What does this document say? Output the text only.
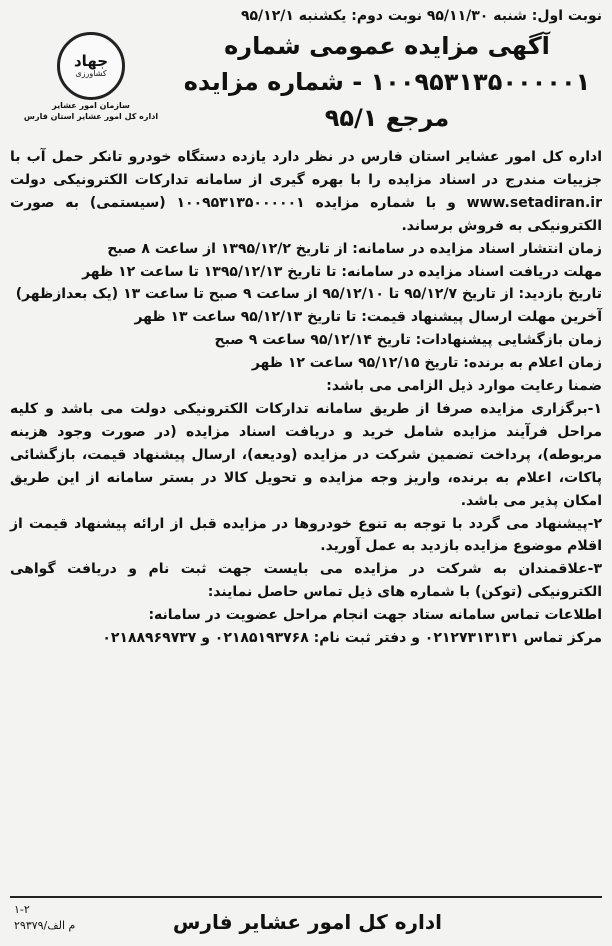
نوبت اول: شنبه ۹۵/۱۱/۳۰ نوبت دوم: یکشنبه ۹۵/۱۲/۱
آگهی مزایده عمومی شماره
۱۰۰۹۵۳۱۳۵۰۰۰۰۰۱ - شماره مزایده
مرجع ۹۵/۱
جهاد
کشاورزی
سازمان امور عشایر
اداره کل امور عشایر استان فارس

اداره کل امور عشایر استان فارس در نظر دارد یازده دستگاه خودرو تانکر حمل آب با جزییات مندرج در اسناد مزایده را با بهره گیری از سامانه تدارکات الکترونیکی دولت www.setadiran.ir و با شماره مزایده ۱۰۰۹۵۳۱۳۵۰۰۰۰۰۱ (سیستمی) به صورت الکترونیکی به فروش برساند.

زمان انتشار اسناد مزایده در سامانه: از تاریخ ۱۳۹۵/۱۲/۲ از ساعت ۸ صبح

مهلت دریافت اسناد مزایده در سامانه: تا تاریخ ۱۳۹۵/۱۲/۱۳ تا ساعت ۱۲ ظهر

تاریخ بازدید: از تاریخ ۹۵/۱۲/۷ تا ۹۵/۱۲/۱۰ از ساعت ۹ صبح تا ساعت ۱۳ (یک بعدازظهر)

آخرین مهلت ارسال پیشنهاد قیمت: تا تاریخ ۹۵/۱۲/۱۳ ساعت ۱۳ ظهر

زمان بازگشایی پیشنهادات: تاریخ ۹۵/۱۲/۱۴ ساعت ۹ صبح

زمان اعلام به برنده: تاریخ ۹۵/۱۲/۱۵ ساعت ۱۲ ظهر

ضمنا رعایت موارد ذیل الزامی می باشد:

۱-برگزاری مزایده صرفا از طریق سامانه تدارکات الکترونیکی دولت می باشد و کلیه مراحل فرآیند مزایده شامل خرید و دریافت اسناد مزایده (در صورت وجود هزینه مربوطه)، پرداخت تضمین شرکت در مزایده (ودیعه)، ارسال پیشنهاد قیمت، بازگشائی پاکات، اعلام به برنده، واریز وجه مزایده و تحویل کالا در بستر سامانه از این طریق امکان پذیر می باشد.

۲-پیشنهاد می گردد با توجه به تنوع خودروها در مزایده قبل از ارائه پیشنهاد قیمت از اقلام موضوع مزایده بازدید به عمل آورید.

۳-علاقمندان به شرکت در مزایده می بایست جهت ثبت نام و دریافت گواهی الکترونیکی (توکن) با شماره های ذیل تماس حاصل نمایند:

اطلاعات تماس سامانه ستاد جهت انجام مراحل عضویت در سامانه:

مرکز تماس ۰۲۱۲۷۳۱۳۱۳۱ و دفتر ثبت نام: ۰۲۱۸۵۱۹۳۷۶۸ و ۰۲۱۸۸۹۶۹۷۳۷

اداره کل امور عشایر فارس
۱-۲
۲۹۳۷۹/م الف
